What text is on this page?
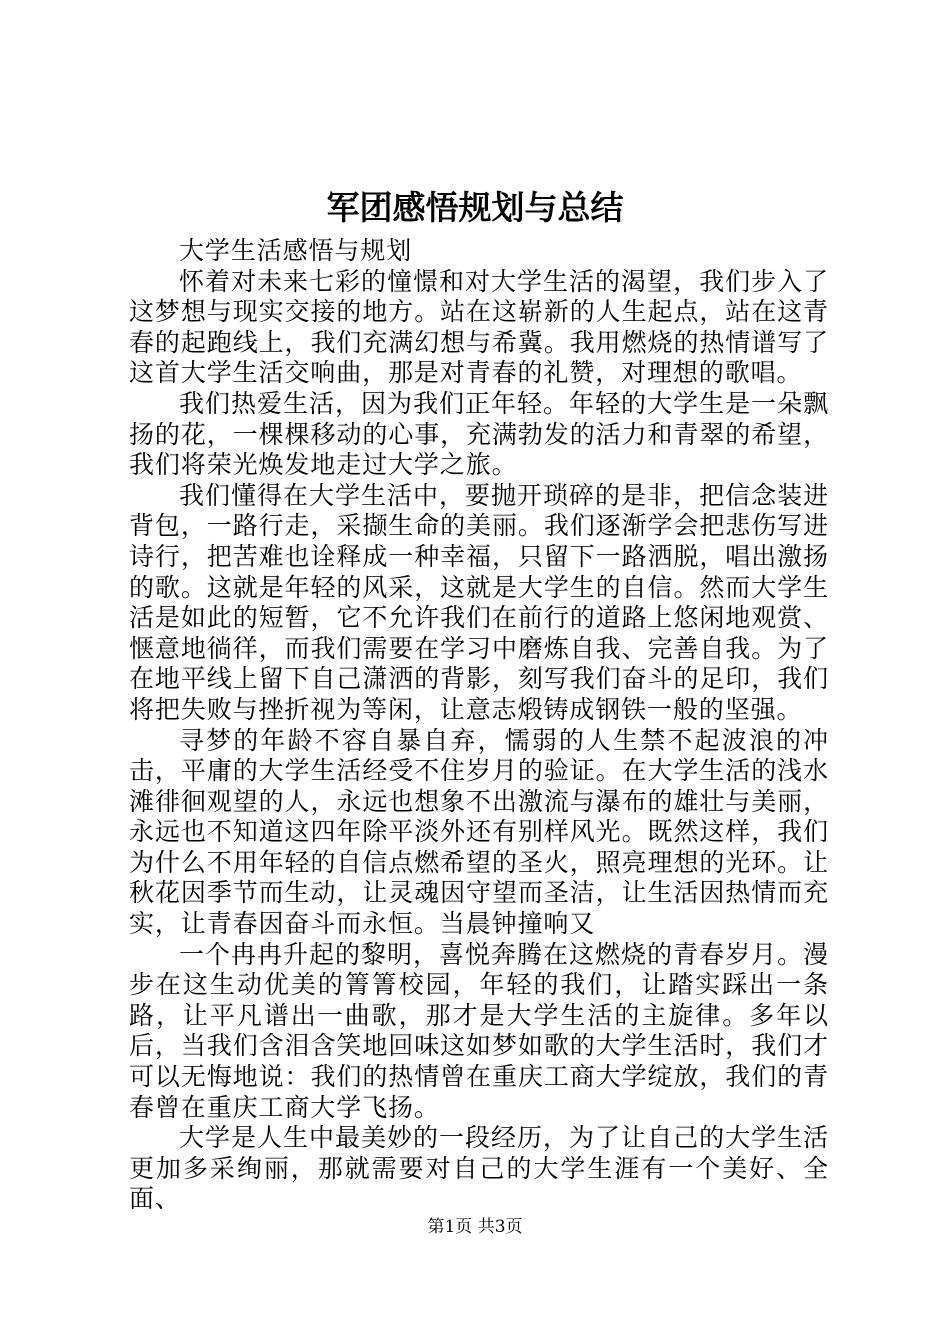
军团感悟规划与总结

大学生活感悟与规划

怀着对未来七彩的憧憬和对大学生活的渴望，我们步入了这梦想与现实交接的地方。站在这崭新的人生起点，站在这青春的起跑线上，我们充满幻想与希冀。我用燃烧的热情谱写了这首大学生活交响曲，那是对青春的礼赞，对理想的歌唱。

我们热爱生活，因为我们正年轻。年轻的大学生是一朵飘扬的花，一棵棵移动的心事，充满勃发的活力和青翠的希望，我们将荣光焕发地走过大学之旅。

我们懂得在大学生活中，要抛开琐碎的是非，把信念装进背包，一路行走，采撷生命的美丽。我们逐渐学会把悲伤写进诗行，把苦难也诠释成一种幸福，只留下一路洒脱，唱出激扬的歌。这就是年轻的风采，这就是大学生的自信。然而大学生活是如此的短暂，它不允许我们在前行的道路上悠闲地观赏、惬意地徜徉，而我们需要在学习中磨炼自我、完善自我。为了在地平线上留下自己潇洒的背影，刻写我们奋斗的足印，我们将把失败与挫折视为等闲，让意志煅铸成钢铁一般的坚强。

寻梦的年龄不容自暴自弃，懦弱的人生禁不起波浪的冲击，平庸的大学生活经受不住岁月的验证。在大学生活的浅水滩徘徊观望的人，永远也想象不出激流与瀑布的雄壮与美丽，永远也不知道这四年除平淡外还有别样风光。既然这样，我们为什么不用年轻的自信点燃希望的圣火，照亮理想的光环。让秋花因季节而生动，让灵魂因守望而圣洁，让生活因热情而充实，让青春因奋斗而永恒。当晨钟撞响又

一个冉冉升起的黎明，喜悦奔腾在这燃烧的青春岁月。漫步在这生动优美的箐箐校园，年轻的我们，让踏实踩出一条路，让平凡谱出一曲歌，那才是大学生活的主旋律。多年以后，当我们含泪含笑地回味这如梦如歌的大学生活时，我们才可以无悔地说：我们的热情曾在重庆工商大学绽放，我们的青春曾在重庆工商大学飞扬。

大学是人生中最美妙的一段经历，为了让自己的大学生活更加多采绚丽，那就需要对自己的大学生涯有一个美好、全面、

第1页 共3页
